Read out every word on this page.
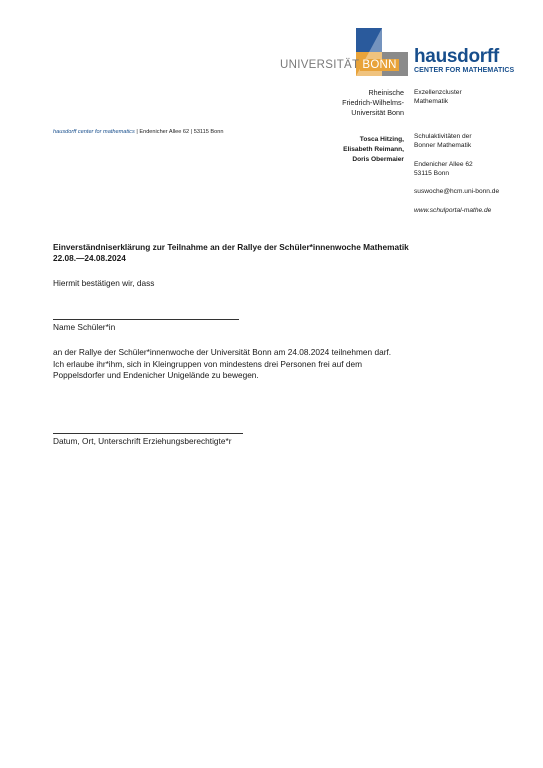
UNIVERSITÄT BONN hausdorff
CENTER FOR MATHEMATICS
Rheinische
Friedrich-Wilhelms-
Universität Bonn
Exzellenzcluster
Mathematik
Schulaktivitäten der
Bonner Mathematik
Endenicher Allee 62
53115 Bonn
suswoche@hcm.uni-bonn.de
www.schulportal-mathe.de
hausdorff center for mathematics | Endenicher Allee 62 | 53115 Bonn
Tosca Hitzing,
Elisabeth Reimann,
Doris Obermaier
Einverständniserklärung zur Teilnahme an der Rallye der Schüler*innenwoche Mathematik
22.08.—24.08.2024
Hiermit bestätigen wir, dass
Name Schüler*in
an der Rallye der Schüler*innenwoche der Universität Bonn am 24.08.2024 teilnehmen darf.
Ich erlaube ihr*ihm, sich in Kleingruppen von mindestens drei Personen frei auf dem
Poppelsdorfer und Endenicher Unigelände zu bewegen.
Datum, Ort, Unterschrift Erziehungsberechtigte*r
